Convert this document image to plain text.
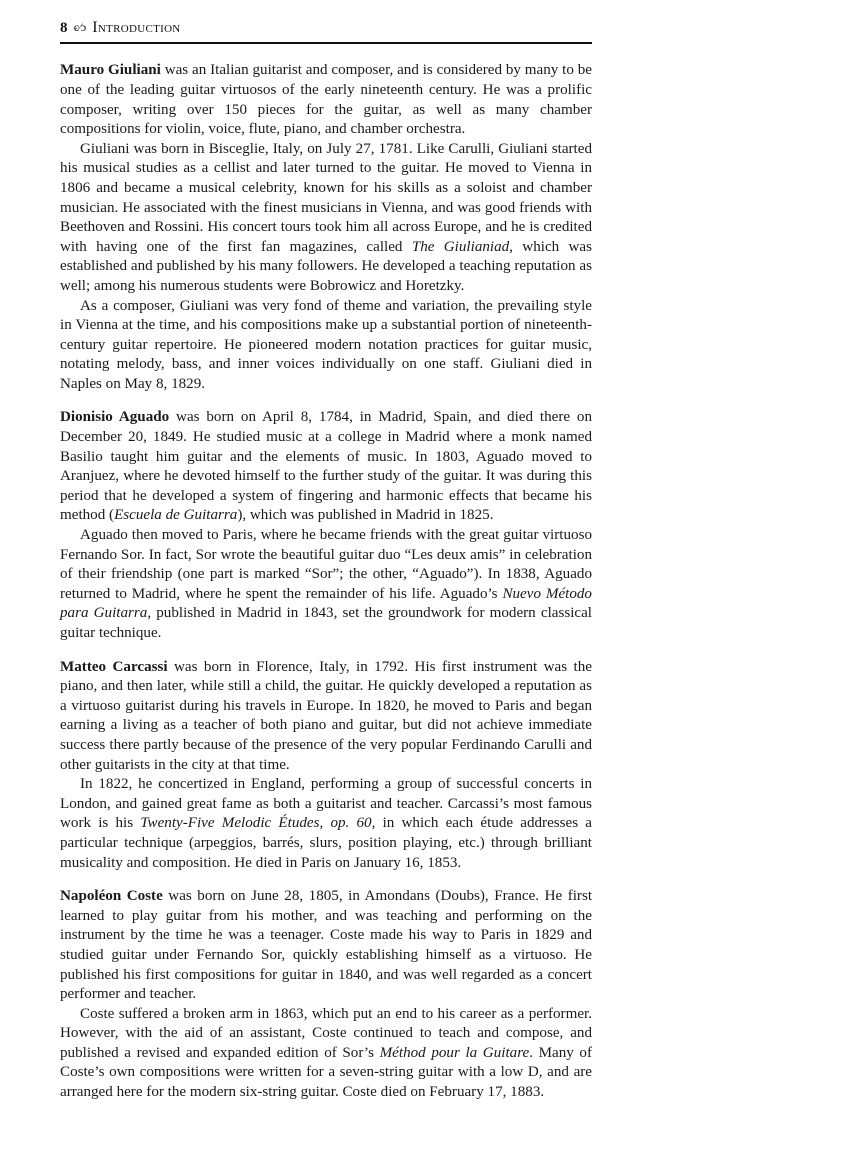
8 є⁄ɔ Introduction

Mauro Giuliani was an Italian guitarist and composer, and is considered by many to be one of the leading guitar virtuosos of the early nineteenth century. He was a prolific composer, writing over 150 pieces for the guitar, as well as many chamber compositions for violin, voice, flute, piano, and chamber orchestra.

Giuliani was born in Bisceglie, Italy, on July 27, 1781. Like Carulli, Giuliani started his musical studies as a cellist and later turned to the guitar. He moved to Vienna in 1806 and became a musical celebrity, known for his skills as a soloist and chamber musician. He associated with the finest musicians in Vienna, and was good friends with Beethoven and Rossini. His concert tours took him all across Europe, and he is credited with having one of the first fan magazines, called The Giulianiad, which was established and published by his many followers. He developed a teaching reputation as well; among his numerous students were Bobrowicz and Horetzky.

As a composer, Giuliani was very fond of theme and variation, the prevailing style in Vienna at the time, and his compositions make up a substantial portion of nineteenth-century guitar repertoire. He pioneered modern notation practices for guitar music, notating melody, bass, and inner voices individually on one staff. Giuliani died in Naples on May 8, 1829.

Dionisio Aguado was born on April 8, 1784, in Madrid, Spain, and died there on December 20, 1849. He studied music at a college in Madrid where a monk named Basilio taught him guitar and the elements of music. In 1803, Aguado moved to Aranjuez, where he devoted himself to the further study of the guitar. It was during this period that he developed a system of fingering and harmonic effects that became his method (Escuela de Guitarra), which was published in Madrid in 1825.

Aguado then moved to Paris, where he became friends with the great guitar virtuoso Fernando Sor. In fact, Sor wrote the beautiful guitar duo “Les deux amis” in celebration of their friendship (one part is marked “Sor”; the other, “Aguado”). In 1838, Aguado returned to Madrid, where he spent the remainder of his life. Aguado’s Nuevo Método para Guitarra, published in Madrid in 1843, set the groundwork for modern classical guitar technique.

Matteo Carcassi was born in Florence, Italy, in 1792. His first instrument was the piano, and then later, while still a child, the guitar. He quickly developed a reputation as a virtuoso guitarist during his travels in Europe. In 1820, he moved to Paris and began earning a living as a teacher of both piano and guitar, but did not achieve immediate success there partly because of the presence of the very popular Ferdinando Carulli and other guitarists in the city at that time.

In 1822, he concertized in England, performing a group of successful concerts in London, and gained great fame as both a guitarist and teacher. Carcassi’s most famous work is his Twenty-Five Melodic Études, op. 60, in which each étude addresses a particular technique (arpeggios, barrés, slurs, position playing, etc.) through brilliant musicality and composition. He died in Paris on January 16, 1853.

Napoléon Coste was born on June 28, 1805, in Amondans (Doubs), France. He first learned to play guitar from his mother, and was teaching and performing on the instrument by the time he was a teenager. Coste made his way to Paris in 1829 and studied guitar under Fernando Sor, quickly establishing himself as a virtuoso. He published his first compositions for guitar in 1840, and was well regarded as a concert performer and teacher.

Coste suffered a broken arm in 1863, which put an end to his career as a performer. However, with the aid of an assistant, Coste continued to teach and compose, and published a revised and expanded edition of Sor’s Méthod pour la Guitare. Many of Coste’s own compositions were written for a seven-string guitar with a low D, and are arranged here for the modern six-string guitar. Coste died on February 17, 1883.
